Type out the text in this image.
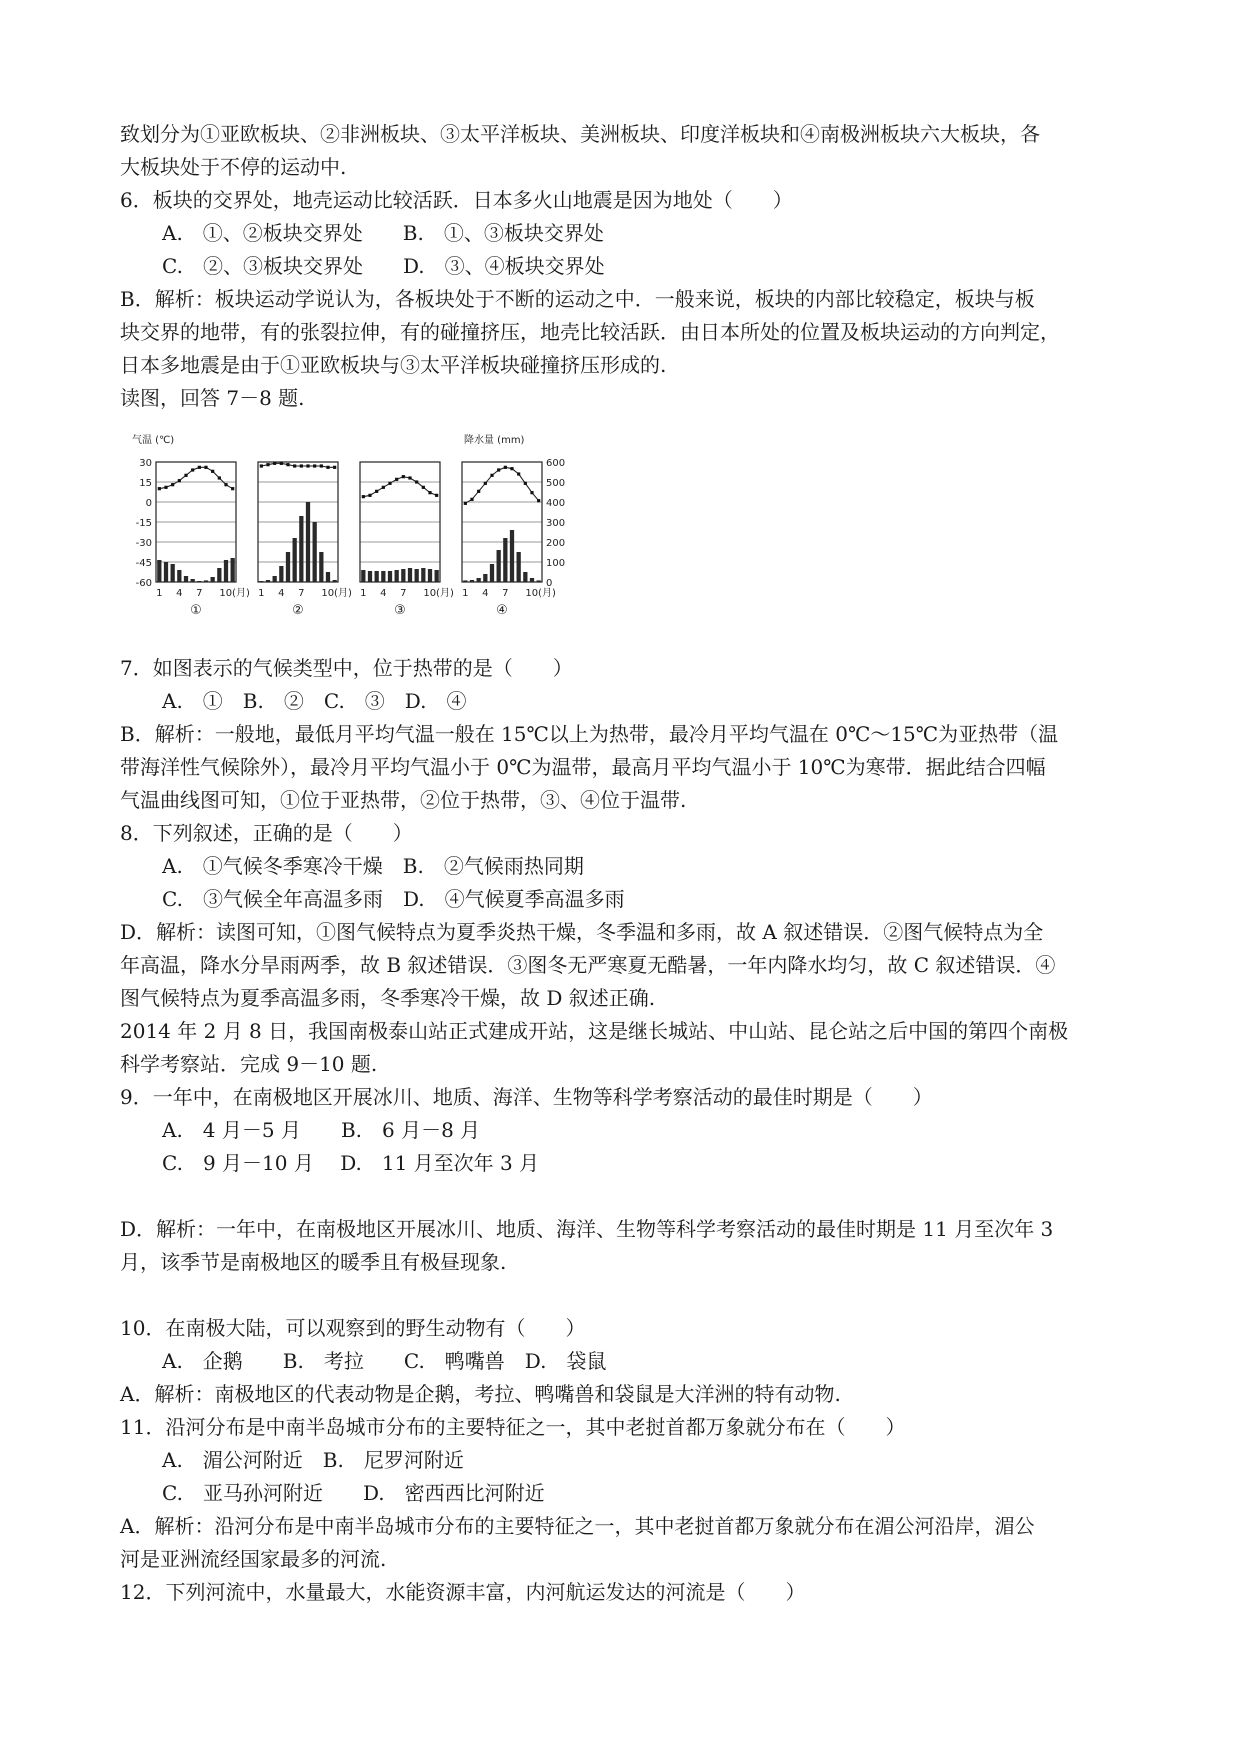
致划分为①亚欧板块、②非洲板块、③太平洋板块、美洲板块、印度洋板块和④南极洲板块六大板块，各

大板块处于不停的运动中.

6．板块的交界处，地壳运动比较活跃．日本多火山地震是因为地处（　　）

A.　①、②板块交界处　　B.　①、③板块交界处

C.　②、③板块交界处　　D.　③、④板块交界处

B．解析：板块运动学说认为，各板块处于不断的运动之中．一般来说，板块的内部比较稳定，板块与板

块交界的地带，有的张裂拉伸，有的碰撞挤压，地壳比较活跃．由日本所处的位置及板块运动的方向判定，

日本多地震是由于①亚欧板块与③太平洋板块碰撞挤压形成的.

读图，回答 7－8 题.

气温 (℃)	降水量 (mm)
30
15
0
-15
-30
-45
-60
600
500
400
300
200
100
0
1 4 7 10(月)
①
1 4 7 10(月)
②
1 4 7 10(月)
③
1 4 7 10(月)
④

7．如图表示的气候类型中，位于热带的是（　　）

A.　①　B.　②　C.　③　D.　④

B．解析：一般地，最低月平均气温一般在 15℃以上为热带，最冷月平均气温在 0℃～15℃为亚热带（温

带海洋性气候除外），最冷月平均气温小于 0℃为温带，最高月平均气温小于 10℃为寒带．据此结合四幅

气温曲线图可知，①位于亚热带，②位于热带，③、④位于温带.

8．下列叙述，正确的是（　　）

A.　①气候冬季寒冷干燥　B.　②气候雨热同期

C.　③气候全年高温多雨　D.　④气候夏季高温多雨

D．解析：读图可知，①图气候特点为夏季炎热干燥，冬季温和多雨，故 A 叙述错误．②图气候特点为全

年高温，降水分旱雨两季，故 B 叙述错误．③图冬无严寒夏无酷暑，一年内降水均匀，故 C 叙述错误．④

图气候特点为夏季高温多雨，冬季寒冷干燥，故 D 叙述正确.

2014 年 2 月 8 日，我国南极泰山站正式建成开站，这是继长城站、中山站、昆仑站之后中国的第四个南极

科学考察站．完成 9－10 题.

9．一年中，在南极地区开展冰川、地质、海洋、生物等科学考察活动的最佳时期是（　　）

A.　4 月－5 月　　B.　6 月－8 月

C.　9 月－10 月　 D.　11 月至次年 3 月

D．解析：一年中，在南极地区开展冰川、地质、海洋、生物等科学考察活动的最佳时期是 11 月至次年 3

月，该季节是南极地区的暖季且有极昼现象.

10．在南极大陆，可以观察到的野生动物有（　　）

A.　企鹅　　B.　考拉　　C.　鸭嘴兽　D.　袋鼠

A．解析：南极地区的代表动物是企鹅，考拉、鸭嘴兽和袋鼠是大洋洲的特有动物.

11．沿河分布是中南半岛城市分布的主要特征之一，其中老挝首都万象就分布在（　　）

A.　湄公河附近　B.　尼罗河附近

C.　亚马孙河附近　　D.　密西西比河附近

A．解析：沿河分布是中南半岛城市分布的主要特征之一，其中老挝首都万象就分布在湄公河沿岸，湄公

河是亚洲流经国家最多的河流.

12．下列河流中，水量最大，水能资源丰富，内河航运发达的河流是（　　）
